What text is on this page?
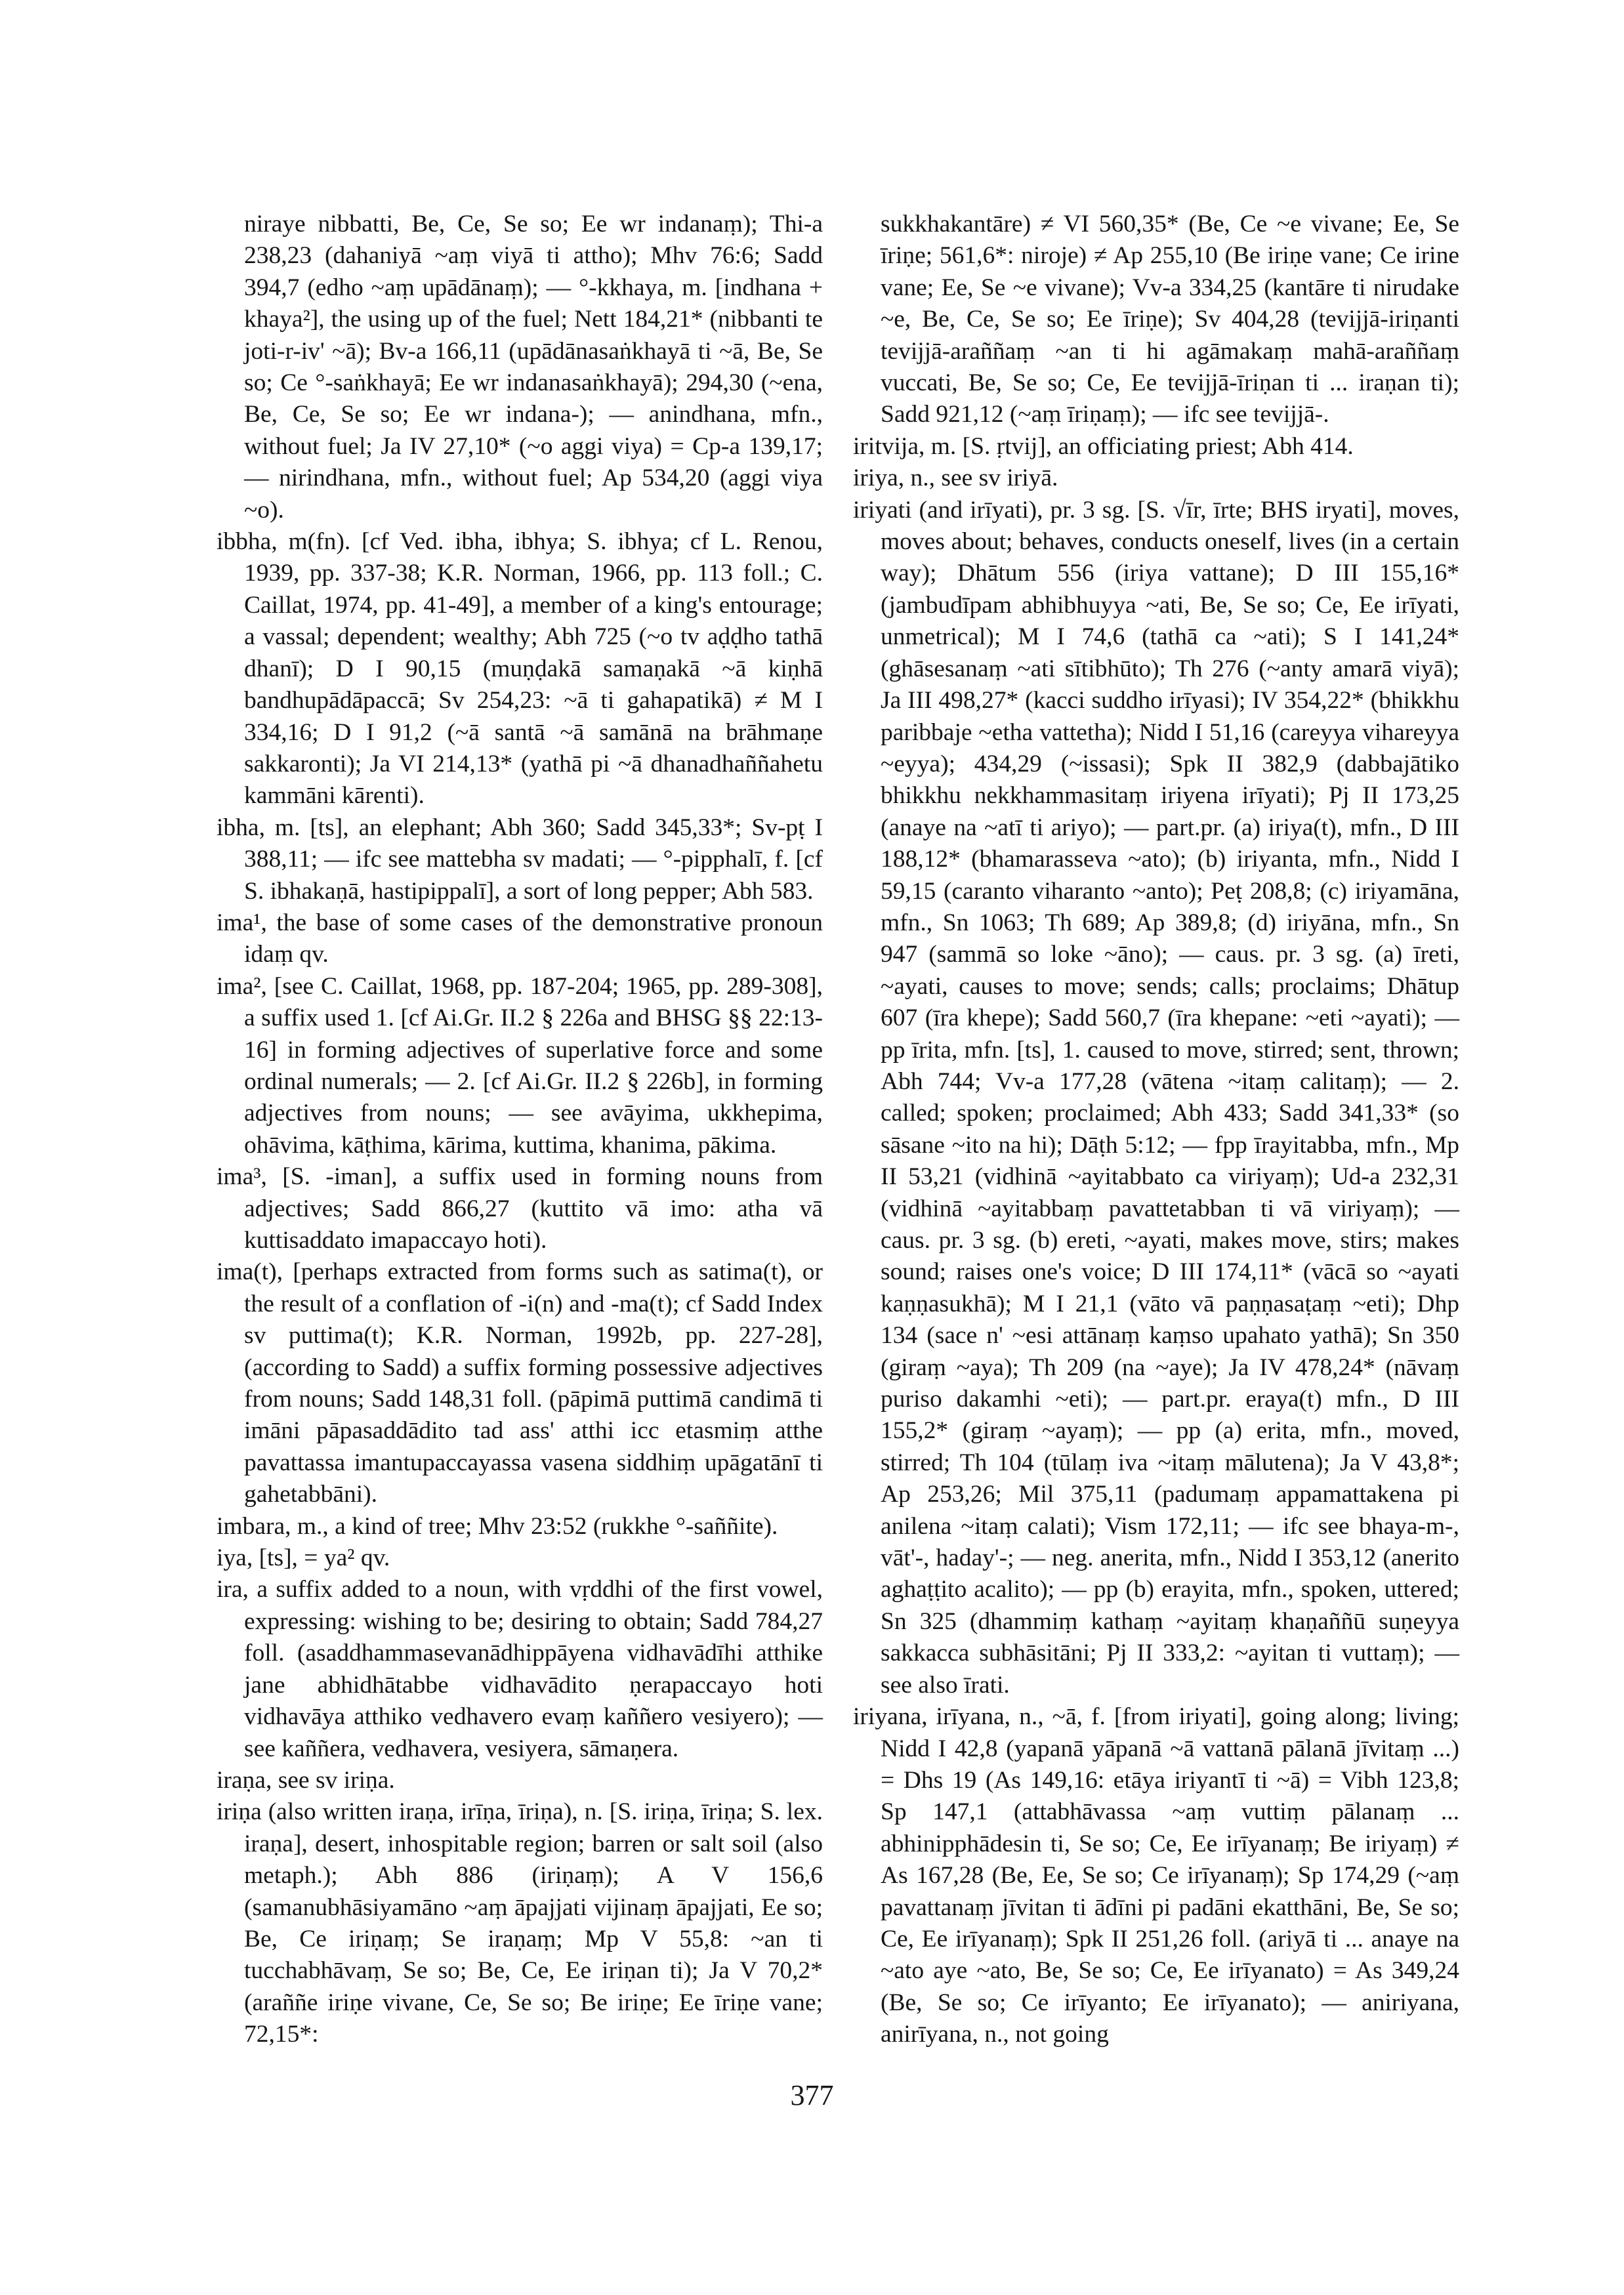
niraye nibbatti, Be, Ce, Se so; Ee wr indanaṃ); Thi-a 238,23 (dahaniyā ~aṃ viyā ti attho); Mhv 76:6; Sadd 394,7 (edho ~aṃ upādānaṃ); — °-kkhaya, m. [indhana + khaya²], the using up of the fuel; Nett 184,21* (nibbanti te joti-r-iv' ~ā); Bv-a 166,11 (upādānasaṅkhayā ti ~ā, Be, Se so; Ce °-saṅkhayā; Ee wr indanasaṅkhayā); 294,30 (~ena, Be, Ce, Se so; Ee wr indana-); — anindhana, mfn., without fuel; Ja IV 27,10* (~o aggi viya) = Cp-a 139,17; — nirindhana, mfn., without fuel; Ap 534,20 (aggi viya ~o).

ibbha, m(fn). [cf Ved. ibha, ibhya; S. ibhya; cf L. Renou, 1939, pp. 337-38; K.R. Norman, 1966, pp. 113 foll.; C. Caillat, 1974, pp. 41-49], a member of a king's entourage; a vassal; dependent; wealthy; Abh 725 (~o tv aḍḍho tathā dhanī); D I 90,15 (muṇḍakā samaṇakā ~ā kiṇhā bandhupādāpaccā; Sv 254,23: ~ā ti gahapatikā) ≠ M I 334,16; D I 91,2 (~ā santā ~ā samānā na brāhmaṇe sakkaronti); Ja VI 214,13* (yathā pi ~ā dhanadhaññahetu kammāni kārenti).

ibha, m. [ts], an elephant; Abh 360; Sadd 345,33*; Sv-pṭ I 388,11; — ifc see mattebha sv madati; — °-pipphalī, f. [cf S. ibhakaṇā, hastipippalī], a sort of long pepper; Abh 583.

ima¹, the base of some cases of the demonstrative pronoun idaṃ qv.

ima², [see C. Caillat, 1968, pp. 187-204; 1965, pp. 289-308], a suffix used 1. [cf Ai.Gr. II.2 § 226a and BHSG §§ 22:13-16] in forming adjectives of superlative force and some ordinal numerals; — 2. [cf Ai.Gr. II.2 § 226b], in forming adjectives from nouns; — see avāyima, ukkhepima, ohāvima, kāṭhima, kārima, kuttima, khanima, pākima.

ima³, [S. -iman], a suffix used in forming nouns from adjectives; Sadd 866,27 (kuttito vā imo: atha vā kuttisaddato imapaccayo hoti).

ima(t), [perhaps extracted from forms such as satima(t), or the result of a conflation of -i(n) and -ma(t); cf Sadd Index sv puttima(t); K.R. Norman, 1992b, pp. 227-28], (according to Sadd) a suffix forming possessive adjectives from nouns; Sadd 148,31 foll. (pāpimā puttimā candimā ti imāni pāpasaddādito tad ass' atthi icc etasmiṃ atthe pavattassa imantupaccayassa vasena siddhiṃ upāgatānī ti gahetabbāni).

imbara, m., a kind of tree; Mhv 23:52 (rukkhe °-saññite).

iya, [ts], = ya² qv.

ira, a suffix added to a noun, with vṛddhi of the first vowel, expressing: wishing to be; desiring to obtain; Sadd 784,27 foll. (asaddhammasevanādhippāyena vidhavādīhi atthike jane abhidhātabbe vidhavādito ṇerapaccayo hoti vidhavāya atthiko vedhavero evaṃ kaññero vesiyero); — see kaññera, vedhavera, vesiyera, sāmaṇera.

iraṇa, see sv iriṇa.

iriṇa (also written iraṇa, irīṇa, īriṇa), n. [S. iriṇa, īriṇa; S. lex. iraṇa], desert, inhospitable region; barren or salt soil (also metaph.); Abh 886 (iriṇaṃ); A V 156,6 (samanubhāsiyamāno ~aṃ āpajjati vijinaṃ āpajjati, Ee so; Be, Ce iriṇaṃ; Se iraṇaṃ; Mp V 55,8: ~an ti tucchabhāvaṃ, Se so; Be, Ce, Ee iriṇan ti); Ja V 70,2* (araññe iriṇe vivane, Ce, Se so; Be iriṇe; Ee īriṇe vane; 72,15*:

sukkhakantāre) ≠ VI 560,35* (Be, Ce ~e vivane; Ee, Se īriṇe; 561,6*: niroje) ≠ Ap 255,10 (Be iriṇe vane; Ce irine vane; Ee, Se ~e vivane); Vv-a 334,25 (kantāre ti nirudake ~e, Be, Ce, Se so; Ee īriṇe); Sv 404,28 (tevijjā-iriṇanti tevijjā-araññaṃ ~an ti hi agāmakaṃ mahā-araññaṃ vuccati, Be, Se so; Ce, Ee tevijjā-īriṇan ti ... iraṇan ti); Sadd 921,12 (~aṃ īriṇaṃ); — ifc see tevijjā-.

iritvija, m. [S. ṛtvij], an officiating priest; Abh 414.

iriya, n., see sv iriyā.

iriyati (and irīyati), pr. 3 sg. [S. √īr, īrte; BHS iryati], moves, moves about; behaves, conducts oneself, lives (in a certain way); Dhātum 556 (iriya vattane); D III 155,16* (jambudīpam abhibhuyya ~ati, Be, Se so; Ce, Ee irīyati, unmetrical); M I 74,6 (tathā ca ~ati); S I 141,24* (ghāsesanaṃ ~ati sītibhūto); Th 276 (~anty amarā viyā); Ja III 498,27* (kacci suddho irīyasi); IV 354,22* (bhikkhu paribbaje ~etha vattetha); Nidd I 51,16 (careyya vihareyya ~eyya); 434,29 (~issasi); Spk II 382,9 (dabbajātiko bhikkhu nekkhammasitaṃ iriyena irīyati); Pj II 173,25 (anaye na ~atī ti ariyo); — part.pr. (a) iriya(t), mfn., D III 188,12* (bhamarasseva ~ato); (b) iriyanta, mfn., Nidd I 59,15 (caranto viharanto ~anto); Peṭ 208,8; (c) iriyamāna, mfn., Sn 1063; Th 689; Ap 389,8; (d) iriyāna, mfn., Sn 947 (sammā so loke ~āno); — caus. pr. 3 sg. (a) īreti, ~ayati, causes to move; sends; calls; proclaims; Dhātup 607 (īra khepe); Sadd 560,7 (īra khepane: ~eti ~ayati); — pp īrita, mfn. [ts], 1. caused to move, stirred; sent, thrown; Abh 744; Vv-a 177,28 (vātena ~itaṃ calitaṃ); — 2. called; spoken; proclaimed; Abh 433; Sadd 341,33* (so sāsane ~ito na hi); Dāṭh 5:12; — fpp īrayitabba, mfn., Mp II 53,21 (vidhinā ~ayitabbato ca viriyaṃ); Ud-a 232,31 (vidhinā ~ayitabbaṃ pavattetabban ti vā viriyaṃ); — caus. pr. 3 sg. (b) ereti, ~ayati, makes move, stirs; makes sound; raises one's voice; D III 174,11* (vācā so ~ayati kaṇṇasukhā); M I 21,1 (vāto vā paṇṇasaṭaṃ ~eti); Dhp 134 (sace n' ~esi attānaṃ kaṃso upahato yathā); Sn 350 (giraṃ ~aya); Th 209 (na ~aye); Ja IV 478,24* (nāvaṃ puriso dakamhi ~eti); — part.pr. eraya(t) mfn., D III 155,2* (giraṃ ~ayaṃ); — pp (a) erita, mfn., moved, stirred; Th 104 (tūlaṃ iva ~itaṃ mālutena); Ja V 43,8*; Ap 253,26; Mil 375,11 (padumaṃ appamattakena pi anilena ~itaṃ calati); Vism 172,11; — ifc see bhaya-m-, vāt'-, haday'-; — neg. anerita, mfn., Nidd I 353,12 (anerito aghaṭṭito acalito); — pp (b) erayita, mfn., spoken, uttered; Sn 325 (dhammiṃ kathaṃ ~ayitaṃ khaṇaññū suṇeyya sakkacca subhāsitāni; Pj II 333,2: ~ayitan ti vuttaṃ); — see also īrati.

iriyana, irīyana, n., ~ā, f. [from iriyati], going along; living; Nidd I 42,8 (yapanā yāpanā ~ā vattanā pālanā jīvitaṃ ...) = Dhs 19 (As 149,16: etāya iriyantī ti ~ā) = Vibh 123,8; Sp 147,1 (attabhāvassa ~aṃ vuttiṃ pālanaṃ ... abhinipphādesin ti, Se so; Ce, Ee irīyanaṃ; Be iriyaṃ) ≠ As 167,28 (Be, Ee, Se so; Ce irīyanaṃ); Sp 174,29 (~aṃ pavattanaṃ jīvitan ti ādīni pi padāni ekatthāni, Be, Se so; Ce, Ee irīyanaṃ); Spk II 251,26 foll. (ariyā ti ... anaye na ~ato aye ~ato, Be, Se so; Ce, Ee irīyanato) = As 349,24 (Be, Se so; Ce irīyanto; Ee irīyanato); — aniriyana, anirīyana, n., not going

377
